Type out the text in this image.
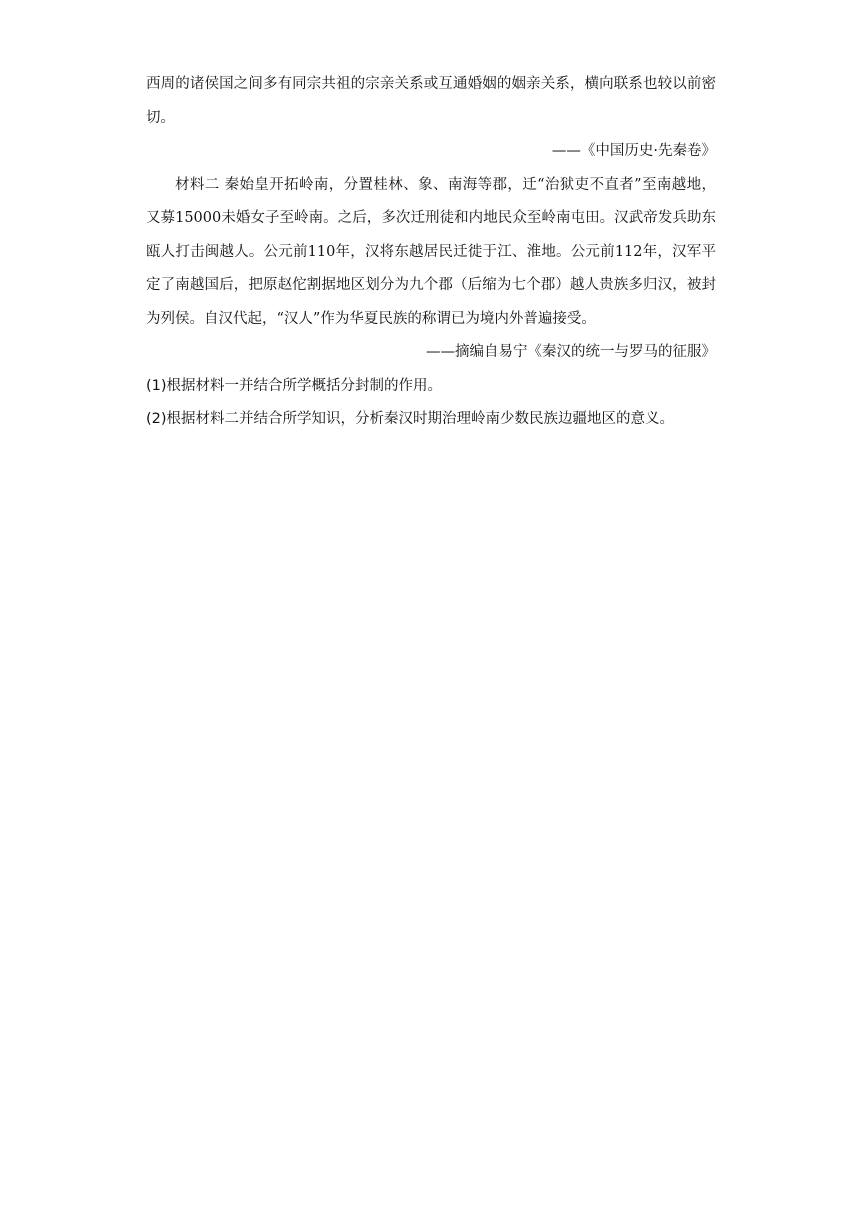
西周的诸侯国之间多有同宗共祖的宗亲关系或互通婚姻的姻亲关系，横向联系也较以前密切。

——《中国历史·先秦卷》

材料二 秦始皇开拓岭南，分置桂林、象、南海等郡，迁“治狱吏不直者”至南越地，又募15000未婚女子至岭南。之后，多次迁刑徒和内地民众至岭南屯田。汉武帝发兵助东瓯人打击闽越人。公元前110年，汉将东越居民迁徙于江、淮地。公元前112年，汉军平定了南越国后，把原赵佗割据地区划分为九个郡（后缩为七个郡）越人贵族多归汉，被封为列侯。自汉代起，“汉人”作为华夏民族的称谓已为境内外普遍接受。

——摘编自易宁《秦汉的统一与罗马的征服》

(1)根据材料一并结合所学概括分封制的作用。

(2)根据材料二并结合所学知识，分析秦汉时期治理岭南少数民族边疆地区的意义。
